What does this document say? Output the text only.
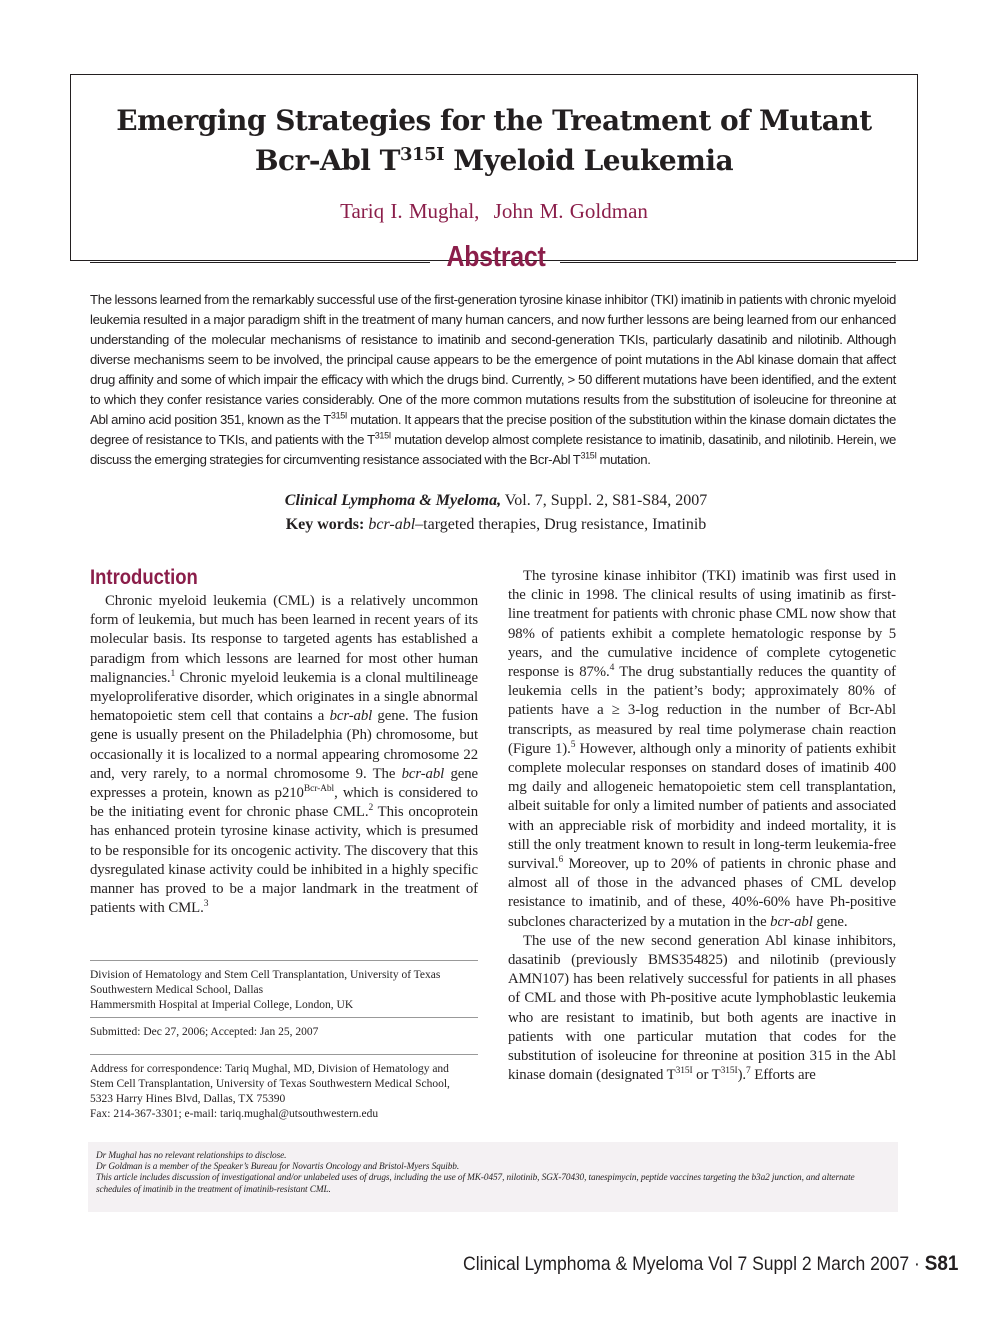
Emerging Strategies for the Treatment of Mutant
Bcr-Abl $T^{315I}$ Myeloid Leukemia
Tariq I. Mughal, John M. Goldman
Abstract

The lessons learned from the remarkably successful use of the first-generation tyrosine kinase inhibitor (TKI) imatinib in patients with chronic myeloid leukemia resulted in a major paradigm shift in the treatment of many human cancers, and now further lessons are being learned from our enhanced understanding of the molecular mechanisms of resistance to imatinib and second-generation TKIs, particularly dasatinib and nilotinib. Although diverse mechanisms seem to be involved, the principal cause appears to be the emergence of point mutations in the Abl kinase domain that affect drug affinity and some of which impair the efficacy with which the drugs bind. Currently, > 50 different mutations have been identified, and the extent to which they confer resistance varies considerably. One of the more common mutations results from the substitution of isoleucine for threonine at Abl amino acid position 351, known as the $T^{315I}$ mutation. It appears that the precise position of the substitution within the kinase domain dictates the degree of resistance to TKIs, and patients with the $T^{315I}$ mutation develop almost complete resistance to imatinib, dasatinib, and nilotinib. Herein, we discuss the emerging strategies for circumventing resistance associated with the Bcr-Abl $T^{315I}$ mutation.

Clinical Lymphoma & Myeloma, Vol. 7, Suppl. 2, S81-S84, 2007
Key words: bcr-abl–targeted therapies, Drug resistance, Imatinib
Introduction

Chronic myeloid leukemia (CML) is a relatively uncommon form of leukemia, but much has been learned in recent years of its molecular basis. Its response to targeted agents has established a paradigm from which lessons are learned for most other human malignancies.$^1$ Chronic myeloid leukemia is a clonal multilineage myeloproliferative disorder, which originates in a single abnormal hematopoietic stem cell that contains a bcr-abl gene. The fusion gene is usually present on the Philadelphia (Ph) chromosome, but occasionally it is localized to a normal appearing chromosome 22 and, very rarely, to a normal chromosome 9. The bcr-abl gene expresses a protein, known as $p210^{Bcr-Abl}$, which is considered to be the initiating event for chronic phase CML.$^2$ This oncoprotein has enhanced protein tyrosine kinase activity, which is presumed to be responsible for its oncogenic activity. The discovery that this dysregulated kinase activity could be inhibited in a highly specific manner has proved to be a major landmark in the treatment of patients with CML.$^3$

Division of Hematology and Stem Cell Transplantation, University of Texas
Southwestern Medical School, Dallas
Hammersmith Hospital at Imperial College, London, UK
Submitted: Dec 27, 2006; Accepted: Jan 25, 2007
Address for correspondence: Tariq Mughal, MD, Division of Hematology and
Stem Cell Transplantation, University of Texas Southwestern Medical School,
5323 Harry Hines Blvd, Dallas, TX 75390
Fax: 214-367-3301; e-mail: tariq.mughal@utsouthwestern.edu

The tyrosine kinase inhibitor (TKI) imatinib was first used in the clinic in 1998. The clinical results of using imatinib as first-line treatment for patients with chronic phase CML now show that 98% of patients exhibit a complete hematologic response by 5 years, and the cumulative incidence of complete cytogenetic response is 87%.$^4$ The drug substantially reduces the quantity of leukemia cells in the patient’s body; approximately 80% of patients have a ≥ 3-log reduction in the number of Bcr-Abl transcripts, as measured by real time polymerase chain reaction (Figure 1).$^5$ However, although only a minority of patients exhibit complete molecular responses on standard doses of imatinib 400 mg daily and allogeneic hematopoietic stem cell transplantation, albeit suitable for only a limited number of patients and associated with an appreciable risk of morbidity and indeed mortality, it is still the only treatment known to result in long-term leukemia-free survival.$^6$ Moreover, up to 20% of patients in chronic phase and almost all of those in the advanced phases of CML develop resistance to imatinib, and of these, 40%-60% have Ph-positive subclones characterized by a mutation in the bcr-abl gene.

The use of the new second generation Abl kinase inhibitors, dasatinib (previously BMS354825) and nilotinib (previously AMN107) has been relatively successful for patients in all phases of CML and those with Ph-positive acute lymphoblastic leukemia who are resistant to imatinib, but both agents are inactive in patients with one particular mutation that codes for the substitution of isoleucine for threonine at position 315 in the Abl kinase domain (designated $T^{315I}$ or $T^{315I}).^7$ Efforts are

Dr Mughal has no relevant relationships to disclose.
Dr Goldman is a member of the Speaker’s Bureau for Novartis Oncology and Bristol-Myers Squibb.
This article includes discussion of investigational and/or unlabeled uses of drugs, including the use of MK-0457, nilotinib, SGX-70430, tanespimycin, peptide vaccines targeting the b3a2 junction, and alternate schedules of imatinib in the treatment of imatinib-resistant CML.
Clinical Lymphoma & Myeloma Vol 7 Suppl 2 March 2007 · S81
